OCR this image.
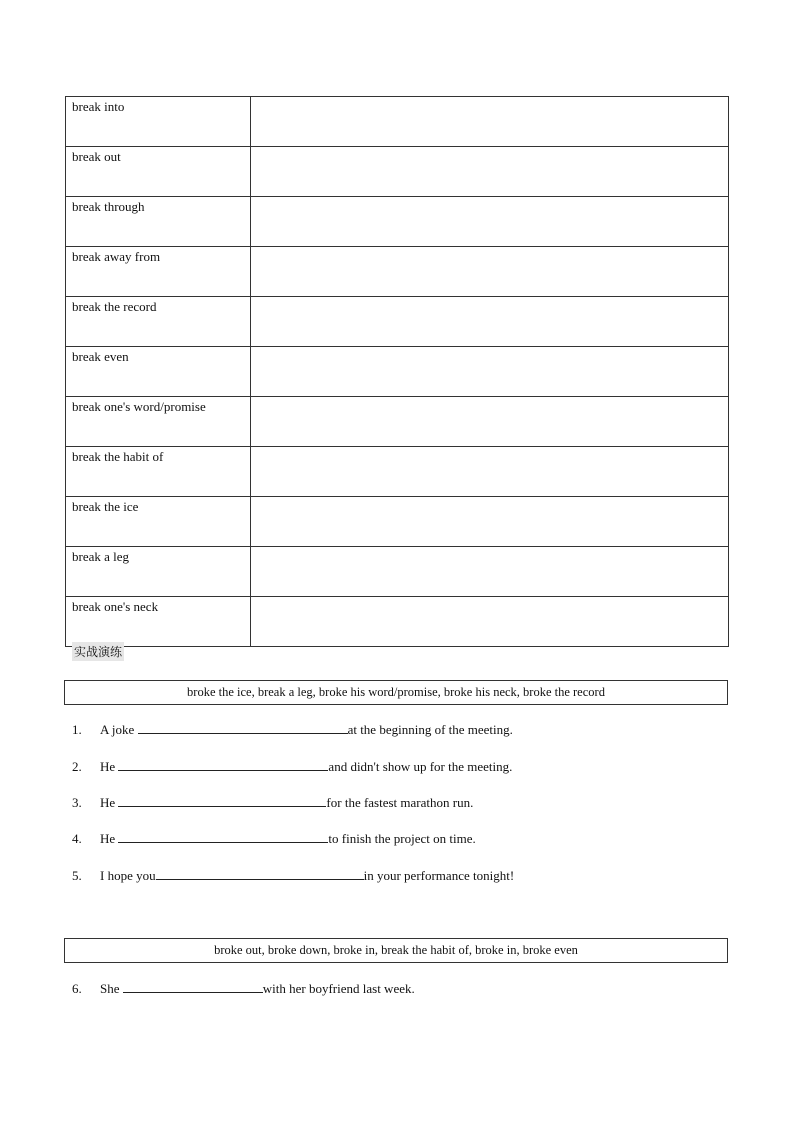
break into	
break out	
break through	
break away from	
break the record	
break even	
break one's word/promise	
break the habit of	
break the ice	
break a leg	
break one's neck	
实战演练
broke the ice, break a leg, broke his word/promise, broke his neck, broke the record
1. A joke	at the beginning of the meeting.
2. He	and didn't show up for the meeting.
3. He	for the fastest marathon run.
4. He	to finish the project on time.
5. I hope you	in your performance tonight!
broke out, broke down, broke in, break the habit of, broke in, broke even
6. She	with her boyfriend last week.
